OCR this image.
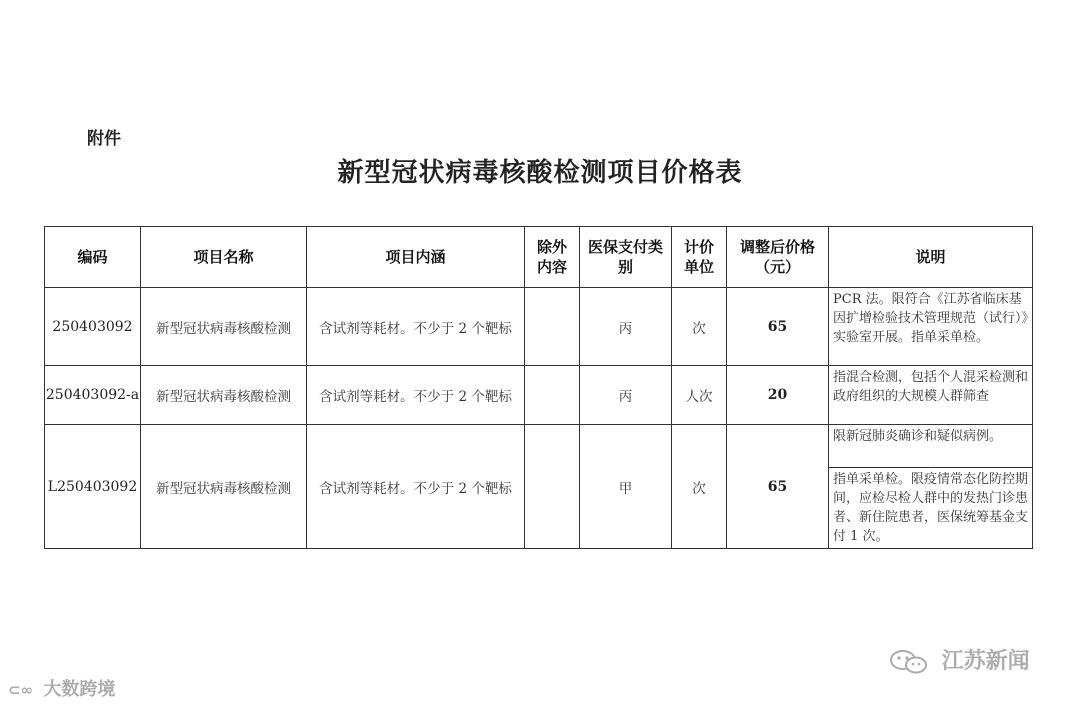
附件
新型冠状病毒核酸检测项目价格表
编码	项目名称	项目内涵	除外内容	医保支付类别	计价单位	调整后价格（元）	说明
250403092	新型冠状病毒核酸检测	含试剂等耗材。不少于 2 个靶标		丙	次	65	PCR 法。限符合《江苏省临床基因扩增检验技术管理规范（试行）》实验室开展。指单采单检。
250403092-a	新型冠状病毒核酸检测	含试剂等耗材。不少于 2 个靶标		丙	人次	20	指混合检测，包括个人混采检测和政府组织的大规模人群筛查
L250403092	新型冠状病毒核酸检测	含试剂等耗材。不少于 2 个靶标		甲	次	65	限新冠肺炎确诊和疑似病例。
指单采单检。限疫情常态化防控期间，应检尽检人群中的发热门诊患者、新住院患者，医保统筹基金支付 1 次。
⊂∞ 大数跨境
江苏新闻
